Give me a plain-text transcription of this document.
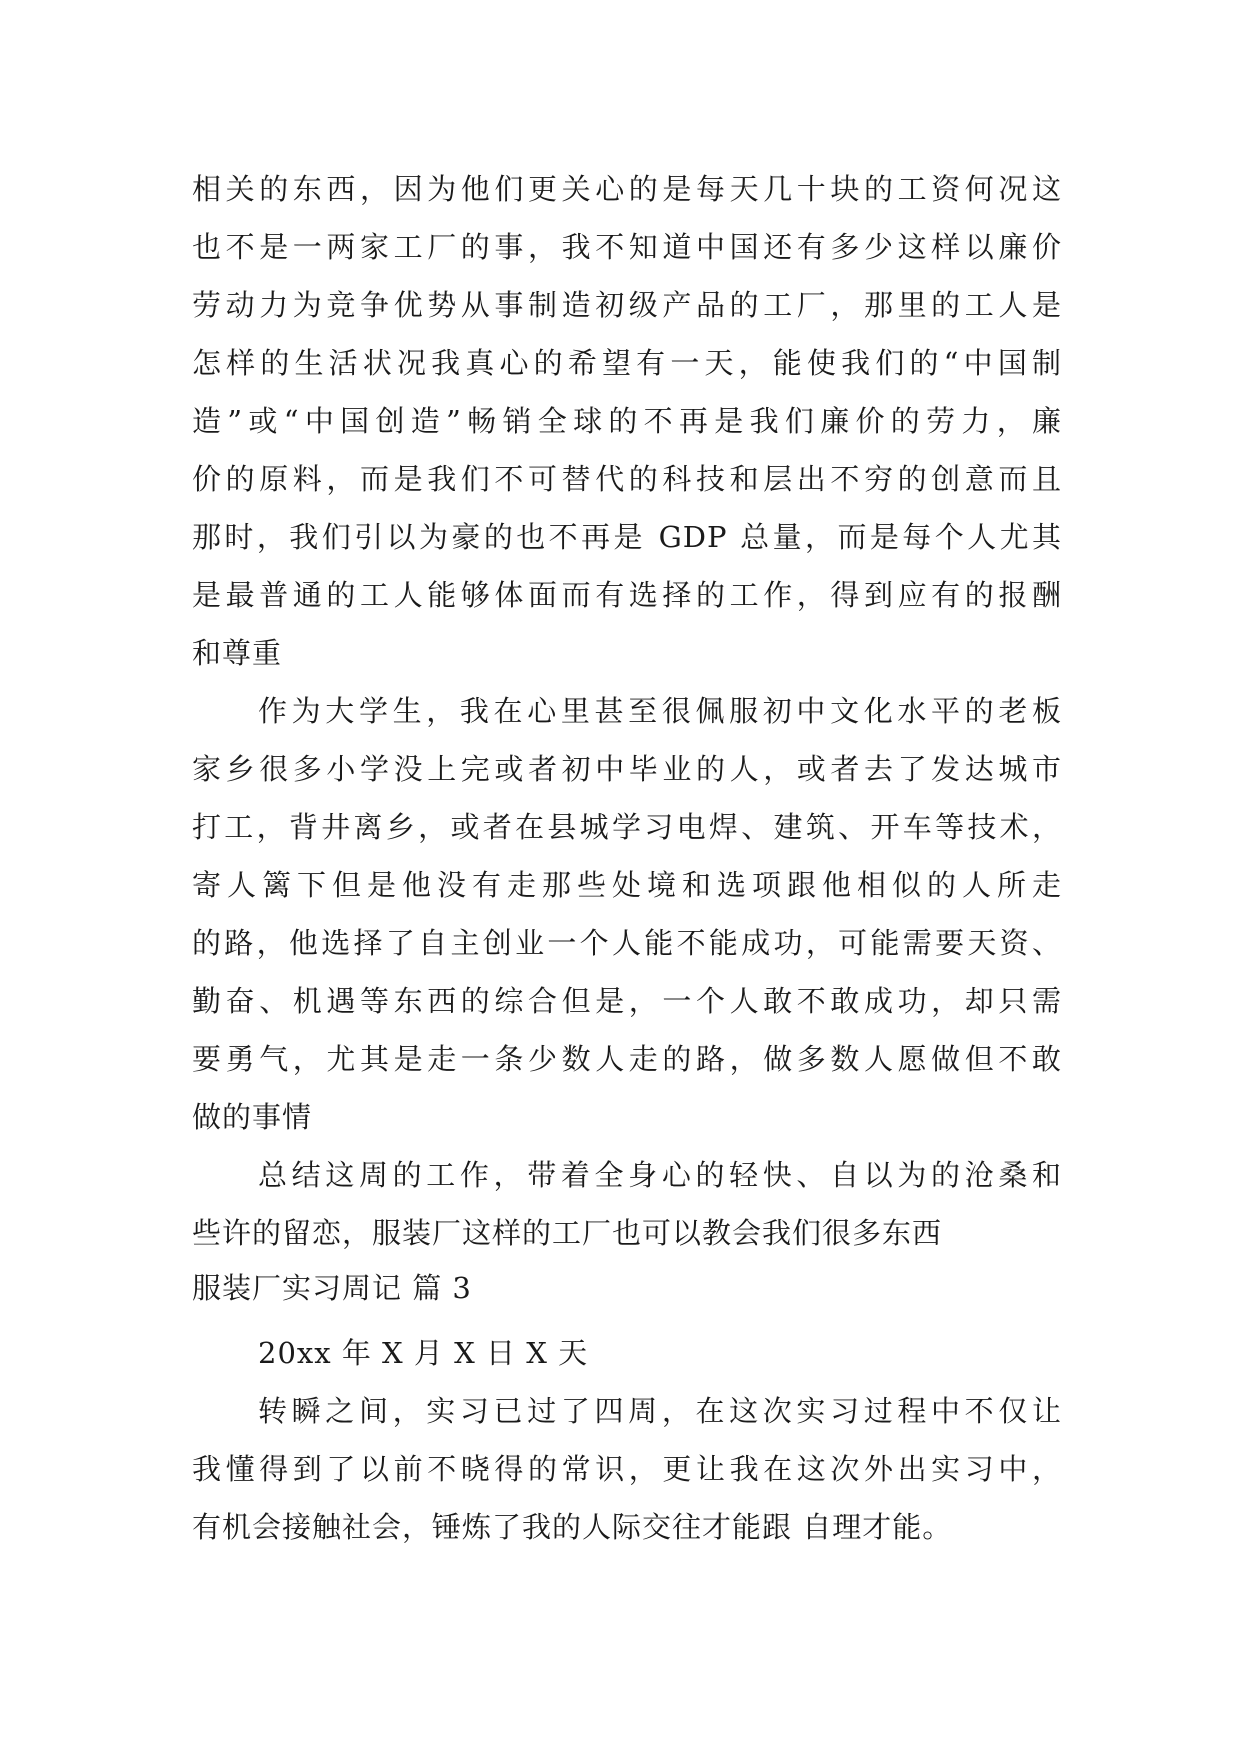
相关的东西，因为他们更关心的是每天几十块的工资何况这
也不是一两家工厂的事，我不知道中国还有多少这样以廉价
劳动力为竞争优势从事制造初级产品的工厂，那里的工人是
怎样的生活状况我真心的希望有一天，能使我们的“中国制
造”或“中国创造”畅销全球的不再是我们廉价的劳力，廉
价的原料，而是我们不可替代的科技和层出不穷的创意而且
那时，我们引以为豪的也不再是 GDP 总量，而是每个人尤其
是最普通的工人能够体面而有选择的工作，得到应有的报酬
和尊重
作为大学生，我在心里甚至很佩服初中文化水平的老板
家乡很多小学没上完或者初中毕业的人，或者去了发达城市
打工，背井离乡，或者在县城学习电焊、建筑、开车等技术，
寄人篱下但是他没有走那些处境和选项跟他相似的人所走
的路，他选择了自主创业一个人能不能成功，可能需要天资、
勤奋、机遇等东西的综合但是，一个人敢不敢成功，却只需
要勇气，尤其是走一条少数人走的路，做多数人愿做但不敢
做的事情
总结这周的工作，带着全身心的轻快、自以为的沧桑和
些许的留恋，服装厂这样的工厂也可以教会我们很多东西
服装厂实习周记 篇 3
20xx 年 X 月 X 日 X 天
转瞬之间，实习已过了四周，在这次实习过程中不仅让
我懂得到了以前不晓得的常识，更让我在这次外出实习中，
有机会接触社会，锤炼了我的人际交往才能跟 自理才能。
